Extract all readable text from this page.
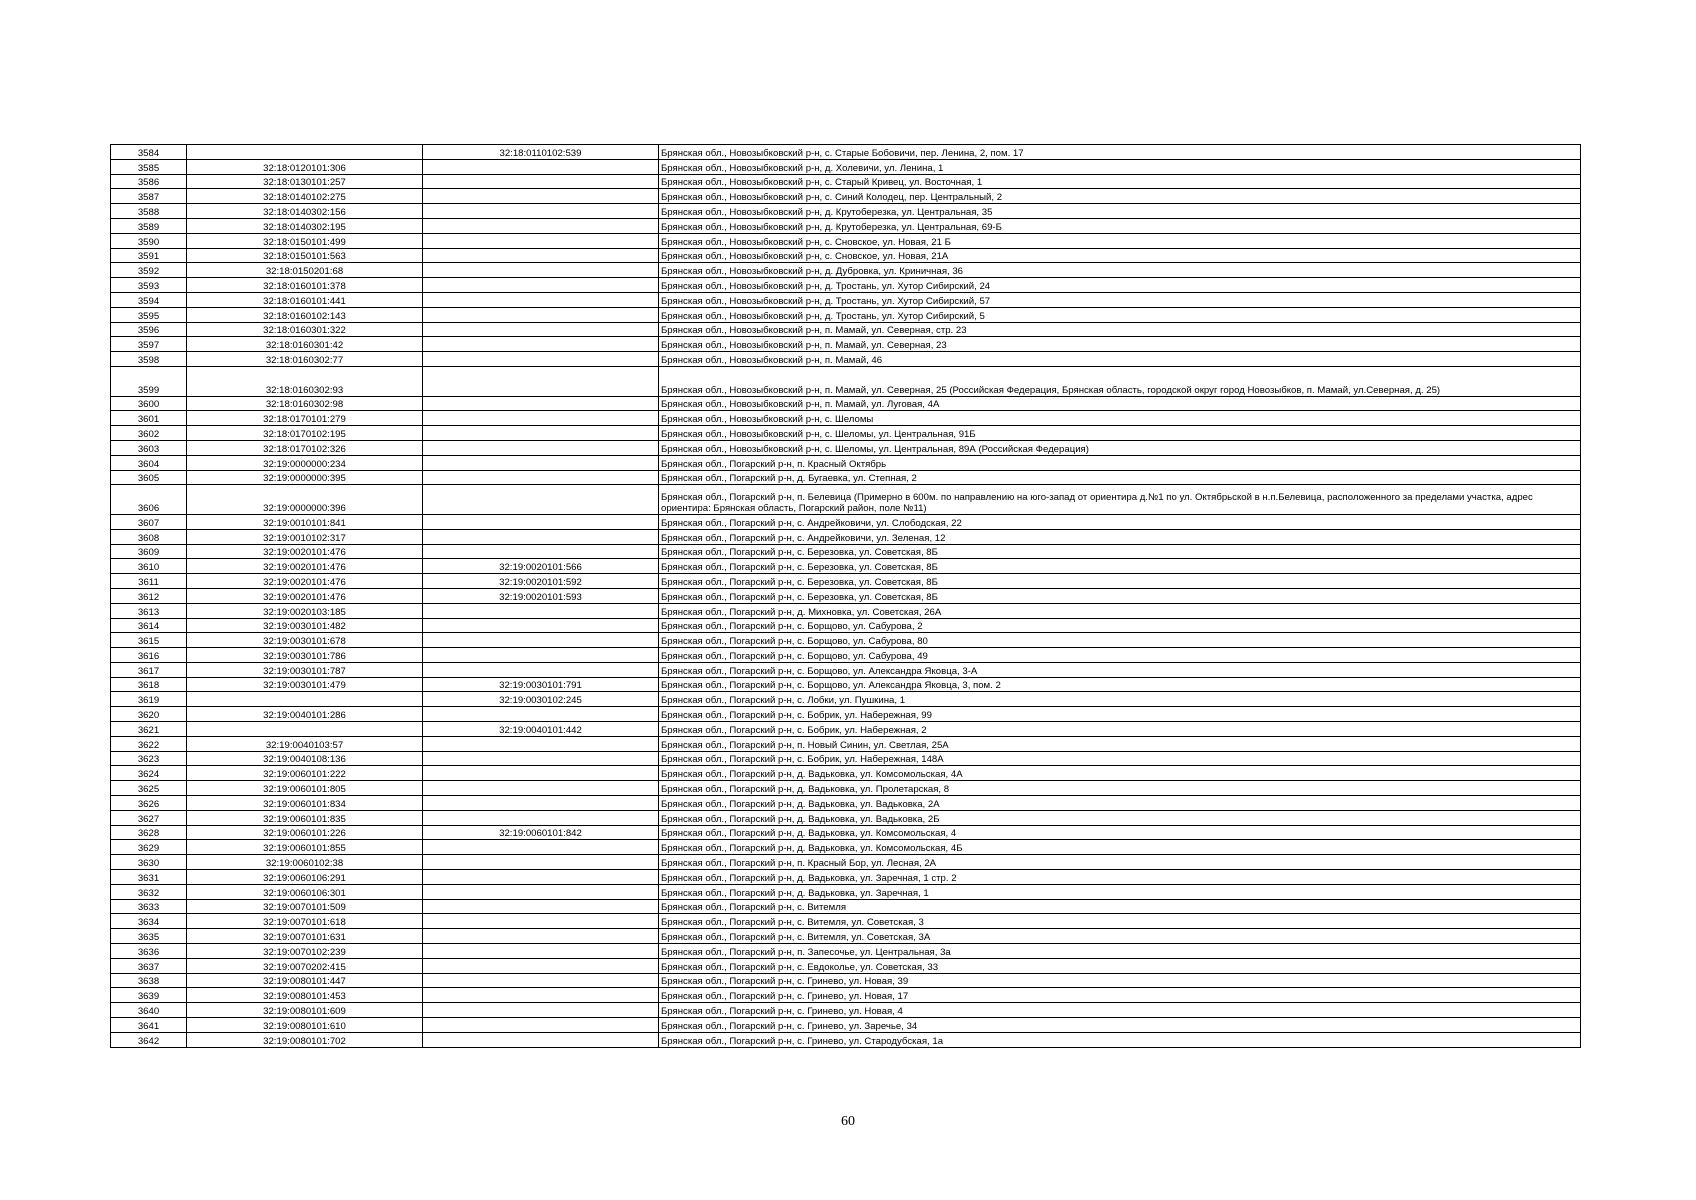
3584		32:18:0110102:539	Брянская обл., Новозыбковский р-н, с. Старые Бобовичи, пер. Ленина, 2, пом. 17
3585	32:18:0120101:306		Брянская обл., Новозыбковский р-н, д. Холевичи, ул. Ленина, 1
3586	32:18:0130101:257		Брянская обл., Новозыбковский р-н, с. Старый Кривец, ул. Восточная, 1
3587	32:18:0140102:275		Брянская обл., Новозыбковский р-н, с. Синий Колодец, пер. Центральный, 2
3588	32:18:0140302:156		Брянская обл., Новозыбковский р-н, д. Крутоберезка, ул. Центральная, 35
3589	32:18:0140302:195		Брянская обл., Новозыбковский р-н, д. Крутоберезка, ул. Центральная, 69-Б
3590	32:18:0150101:499		Брянская обл., Новозыбковский р-н, с. Сновское, ул. Новая, 21 Б
3591	32:18:0150101:563		Брянская обл., Новозыбковский р-н, с. Сновское, ул. Новая, 21А
3592	32:18:0150201:68		Брянская обл., Новозыбковский р-н, д. Дубровка, ул. Криничная, 36
3593	32:18:0160101:378		Брянская обл., Новозыбковский р-н, д. Тростань, ул. Хутор Сибирский, 24
3594	32:18:0160101:441		Брянская обл., Новозыбковский р-н, д. Тростань, ул. Хутор Сибирский, 57
3595	32:18:0160102:143		Брянская обл., Новозыбковский р-н, д. Тростань, ул. Хутор Сибирский, 5
3596	32:18:0160301:322		Брянская обл., Новозыбковский р-н, п. Мамай, ул. Северная, стр. 23
3597	32:18:0160301:42		Брянская обл., Новозыбковский р-н, п. Мамай, ул. Северная, 23
3598	32:18:0160302:77		Брянская обл., Новозыбковский р-н, п. Мамай, 46
3599	32:18:0160302:93		Брянская обл., Новозыбковский р-н, п. Мамай, ул. Северная, 25 (Российская Федерация, Брянская область, городской округ город Новозыбков, п. Мамай, ул.Северная, д. 25)
3600	32:18:0160302:98		Брянская обл., Новозыбковский р-н, п. Мамай, ул. Луговая, 4А
3601	32:18:0170101:279		Брянская обл., Новозыбковский р-н, с. Шеломы
3602	32:18:0170102:195		Брянская обл., Новозыбковский р-н, с. Шеломы, ул. Центральная, 91Б
3603	32:18:0170102:326		Брянская обл., Новозыбковский р-н, с. Шеломы, ул. Центральная, 89А (Российская Федерация)
3604	32:19:0000000:234		Брянская обл., Погарский р-н, п. Красный Октябрь
3605	32:19:0000000:395		Брянская обл., Погарский р-н, д. Бугаевка, ул. Степная, 2
3606	32:19:0000000:396		Брянская обл., Погарский р-н, п. Белевица (Примерно в 600м. по направлению на юго-запад от ориентира д.№1 по ул. Октябрьской в н.п.Белевица, расположенного за пределами участка, адрес ориентира: Брянская область, Погарский район, поле №11)
3607	32:19:0010101:841		Брянская обл., Погарский р-н, с. Андрейковичи, ул. Слободская, 22
3608	32:19:0010102:317		Брянская обл., Погарский р-н, с. Андрейковичи, ул. Зеленая, 12
3609	32:19:0020101:476		Брянская обл., Погарский р-н, с. Березовка, ул. Советская, 8Б
3610	32:19:0020101:476	32:19:0020101:566	Брянская обл., Погарский р-н, с. Березовка, ул. Советская, 8Б
3611	32:19:0020101:476	32:19:0020101:592	Брянская обл., Погарский р-н, с. Березовка, ул. Советская, 8Б
3612	32:19:0020101:476	32:19:0020101:593	Брянская обл., Погарский р-н, с. Березовка, ул. Советская, 8Б
3613	32:19:0020103:185		Брянская обл., Погарский р-н, д. Михновка, ул. Советская, 26А
3614	32:19:0030101:482		Брянская обл., Погарский р-н, с. Борщово, ул. Сабурова, 2
3615	32:19:0030101:678		Брянская обл., Погарский р-н, с. Борщово, ул. Сабурова, 80
3616	32:19:0030101:786		Брянская обл., Погарский р-н, с. Борщово, ул. Сабурова, 49
3617	32:19:0030101:787		Брянская обл., Погарский р-н, с. Борщово, ул. Александра Яковца, 3-А
3618	32:19:0030101:479	32:19:0030101:791	Брянская обл., Погарский р-н, с. Борщово, ул. Александра Яковца, 3, пом. 2
3619		32:19:0030102:245	Брянская обл., Погарский р-н, с. Лобки, ул. Пушкина, 1
3620	32:19:0040101:286		Брянская обл., Погарский р-н, с. Бобрик, ул. Набережная, 99
3621		32:19:0040101:442	Брянская обл., Погарский р-н, с. Бобрик, ул. Набережная, 2
3622	32:19:0040103:57		Брянская обл., Погарский р-н, п. Новый Синин, ул. Светлая, 25А
3623	32:19:0040108:136		Брянская обл., Погарский р-н, с. Бобрик, ул. Набережная, 148А
3624	32:19:0060101:222		Брянская обл., Погарский р-н, д. Вадьковка, ул. Комсомольская, 4А
3625	32:19:0060101:805		Брянская обл., Погарский р-н, д. Вадьковка, ул. Пролетарская, 8
3626	32:19:0060101:834		Брянская обл., Погарский р-н, д. Вадьковка, ул. Вадьковка, 2А
3627	32:19:0060101:835		Брянская обл., Погарский р-н, д. Вадьковка, ул. Вадьковка, 2Б
3628	32:19:0060101:226	32:19:0060101:842	Брянская обл., Погарский р-н, д. Вадьковка, ул. Комсомольская, 4
3629	32:19:0060101:855		Брянская обл., Погарский р-н, д. Вадьковка, ул. Комсомольская, 4Б
3630	32:19:0060102:38		Брянская обл., Погарский р-н, п. Красный Бор, ул. Лесная, 2А
3631	32:19:0060106:291		Брянская обл., Погарский р-н, д. Вадьковка, ул. Заречная, 1 стр. 2
3632	32:19:0060106:301		Брянская обл., Погарский р-н, д. Вадьковка, ул. Заречная, 1
3633	32:19:0070101:509		Брянская обл., Погарский р-н, с. Витемля
3634	32:19:0070101:618		Брянская обл., Погарский р-н, с. Витемля, ул. Советская, 3
3635	32:19:0070101:631		Брянская обл., Погарский р-н, с. Витемля, ул. Советская, 3А
3636	32:19:0070102:239		Брянская обл., Погарский р-н, п. Запесочье, ул. Центральная, 3а
3637	32:19:0070202:415		Брянская обл., Погарский р-н, с. Евдоколье, ул. Советская, 33
3638	32:19:0080101:447		Брянская обл., Погарский р-н, с. Гринево, ул. Новая, 39
3639	32:19:0080101:453		Брянская обл., Погарский р-н, с. Гринево, ул. Новая, 17
3640	32:19:0080101:609		Брянская обл., Погарский р-н, с. Гринево, ул. Новая, 4
3641	32:19:0080101:610		Брянская обл., Погарский р-н, с. Гринево, ул. Заречье, 34
3642	32:19:0080101:702		Брянская обл., Погарский р-н, с. Гринево, ул. Стародубская, 1а
60
